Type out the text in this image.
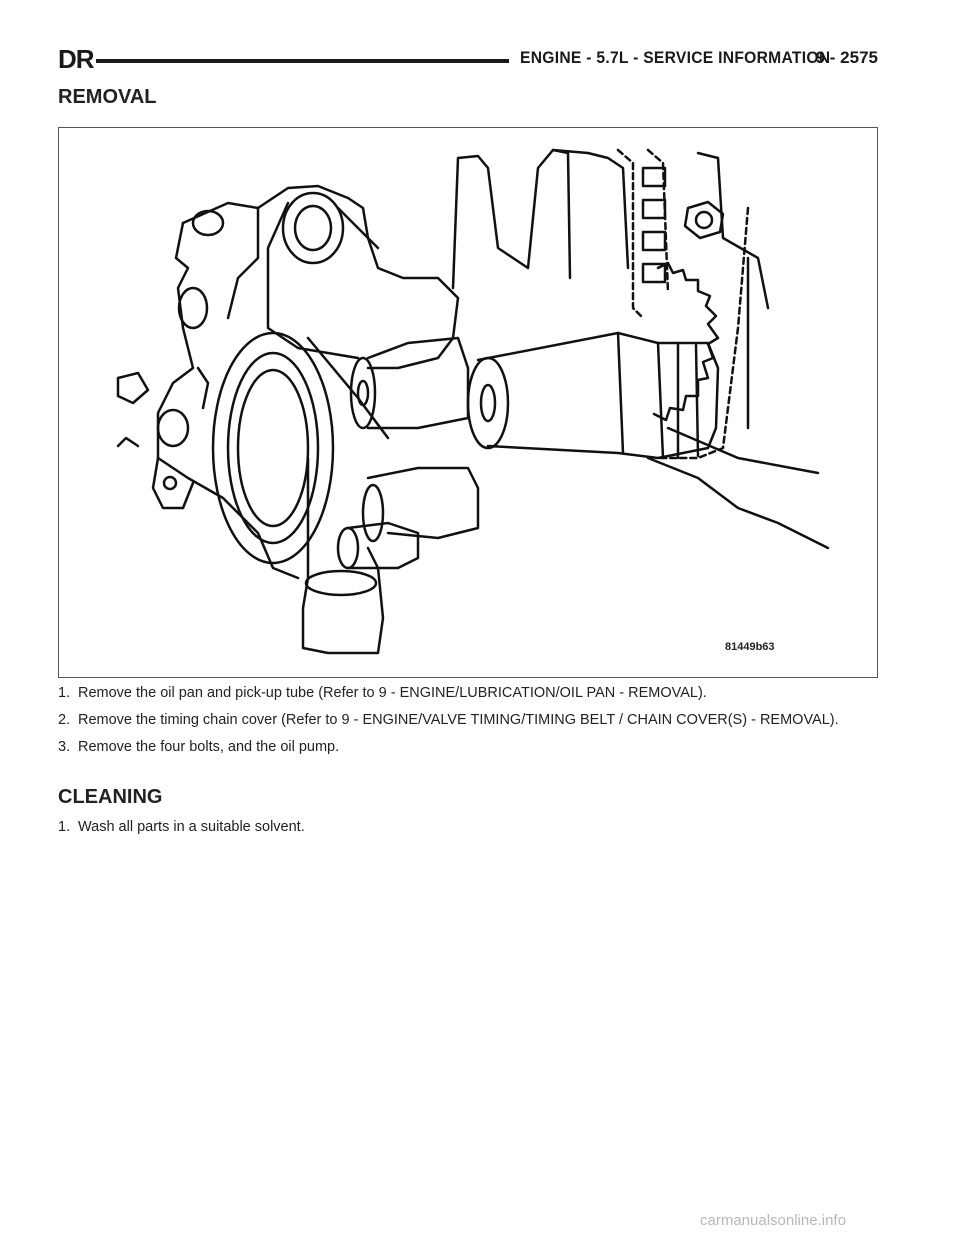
DR	ENGINE - 5.7L - SERVICE INFORMATION
9 - 2575
REMOVAL
81449b63
1. Remove the oil pan and pick-up tube (Refer to 9 - ENGINE/LUBRICATION/OIL PAN - REMOVAL).
2. Remove the timing chain cover (Refer to 9 - ENGINE/VALVE TIMING/TIMING BELT / CHAIN COVER(S) - REMOVAL).
3. Remove the four bolts, and the oil pump.
CLEANING
1. Wash all parts in a suitable solvent.
carmanualsonline.info
